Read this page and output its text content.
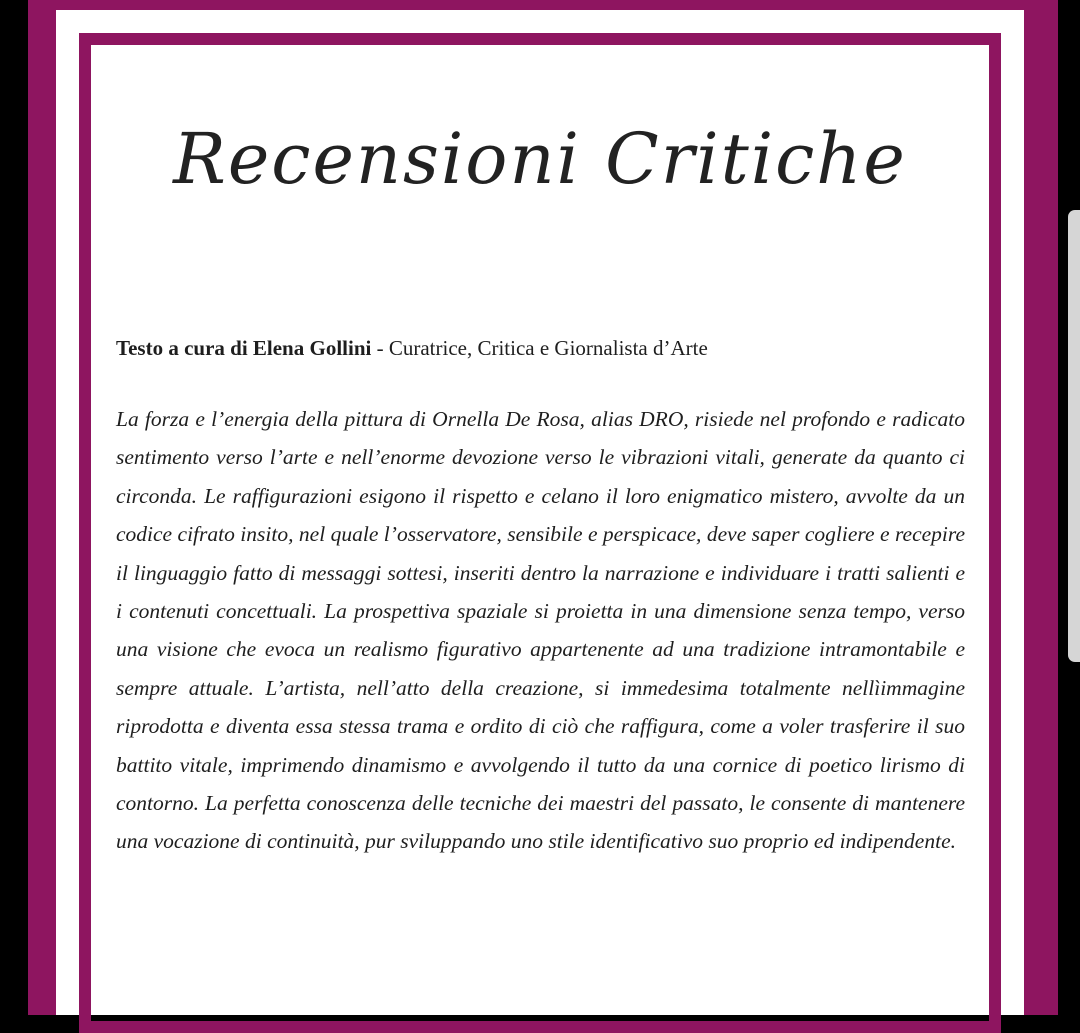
Recensioni Critiche
Testo a cura di Elena Gollini - Curatrice, Critica e Giornalista d’Arte
La forza e l’energia della pittura di Ornella De Rosa, alias DRO, risiede nel profondo e radicato sentimento verso l’arte e nell’enorme devozione verso le vibrazioni vitali, generate da quanto ci circonda. Le raffigurazioni esigono il rispetto e celano il loro enigmatico mistero, avvolte da un codice cifrato insito, nel quale l’osservatore, sensibile e perspicace, deve saper cogliere e recepire il linguaggio fatto di messaggi sottesi, inseriti dentro la narrazione e individuare i tratti salienti e i contenuti concettuali. La prospettiva spaziale si proietta in una dimensione senza tempo, verso una visione che evoca un realismo figurativo appartenente ad una tradizione intramontabile e sempre attuale. L’artista, nell’atto della creazione, si immedesima totalmente nellìimmagine riprodotta e diventa essa stessa trama e ordito di ciò che raffigura, come a voler trasferire il suo battito vitale, imprimendo dinamismo e avvolgendo il tutto da una cornice di poetico lirismo di contorno. La perfetta conoscenza delle tecniche dei maestri del passato, le consente di mantenere una vocazione di continuità, pur sviluppando uno stile identificativo suo proprio ed indipendente.
